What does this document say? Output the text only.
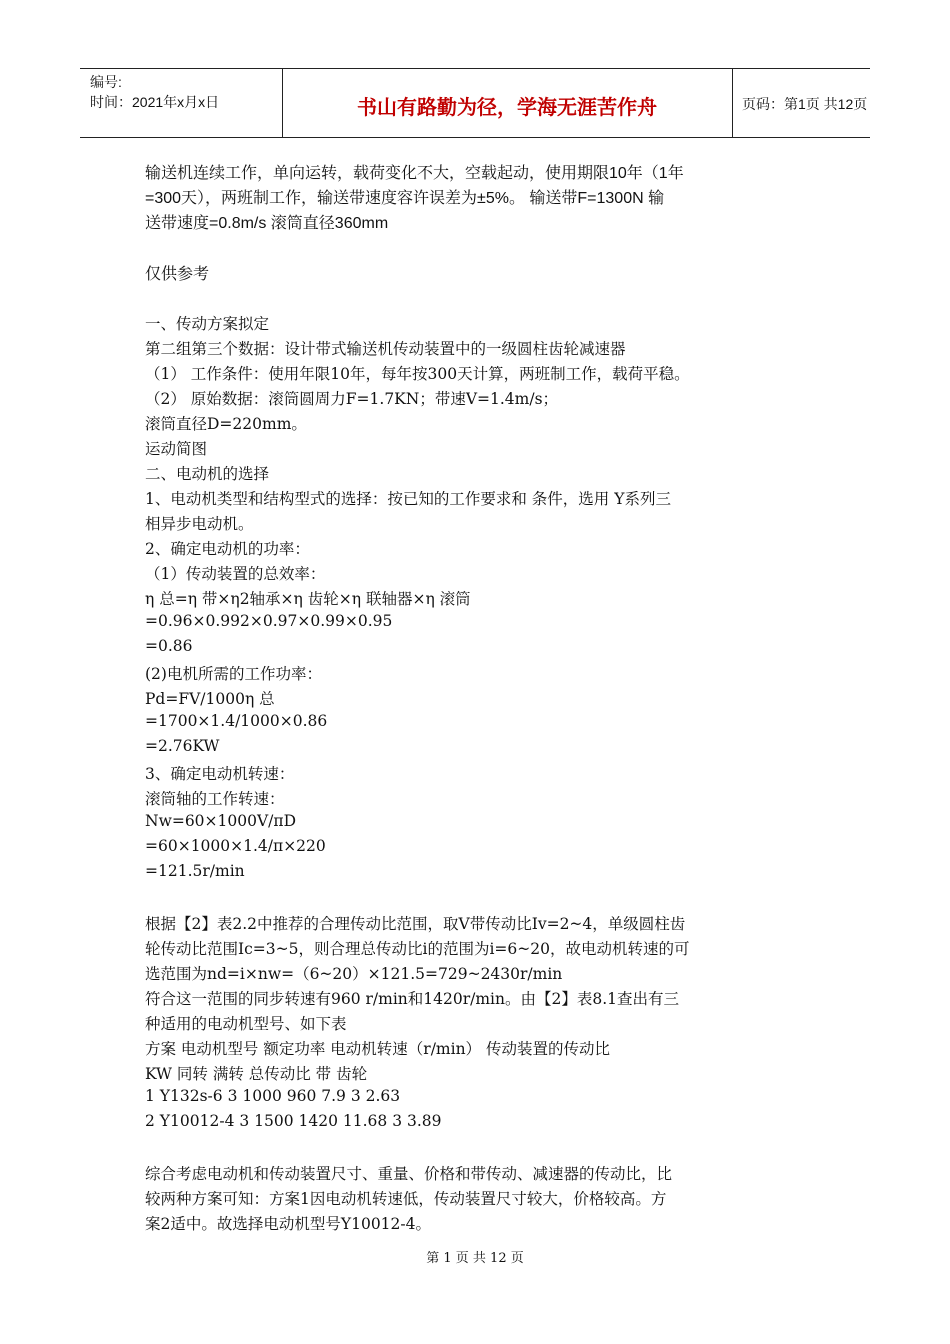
编号:
时间：2021年x月x日	书山有路勤为径，学海无涯苦作舟	页码：第1页 共12页
输送机连续工作，单向运转，载荷变化不大，空载起动，使用期限10年（1年
=300天），两班制工作，输送带速度容许误差为±5%。 输送带F=1300N 输
送带速度=0.8m/s 滚筒直径360mm
仅供参考
一、传动方案拟定
第二组第三个数据：设计带式输送机传动装置中的一级圆柱齿轮减速器
（1） 工作条件：使用年限10年，每年按300天计算，两班制工作，载荷平稳。
（2） 原始数据：滚筒圆周力F=1.7KN；带速V=1.4m/s；
滚筒直径D=220mm。
运动简图
二、电动机的选择
1、电动机类型和结构型式的选择：按已知的工作要求和 条件，选用 Y系列三
相异步电动机。
2、确定电动机的功率：
（1）传动装置的总效率：
η 总=η 带×η2轴承×η 齿轮×η 联轴器×η 滚筒
=0.96×0.992×0.97×0.99×0.95
=0.86
(2)电机所需的工作功率：
Pd=FV/1000η 总
=1700×1.4/1000×0.86
=2.76KW
3、确定电动机转速：
滚筒轴的工作转速：
Nw=60×1000V/πD
=60×1000×1.4/π×220
=121.5r/min
根据【2】表2.2中推荐的合理传动比范围，取V带传动比Iv=2~4，单级圆柱齿
轮传动比范围Ic=3~5，则合理总传动比i的范围为i=6~20，故电动机转速的可
选范围为nd=i×nw=（6~20）×121.5=729~2430r/min
符合这一范围的同步转速有960 r/min和1420r/min。由【2】表8.1查出有三
种适用的电动机型号、如下表
方案 电动机型号 额定功率 电动机转速（r/min） 传动装置的传动比
KW 同转 满转 总传动比 带 齿轮
1 Y132s-6 3 1000 960 7.9 3 2.63
2 Y10012-4 3 1500 1420 11.68 3 3.89
综合考虑电动机和传动装置尺寸、重量、价格和带传动、减速器的传动比，比
较两种方案可知：方案1因电动机转速低，传动装置尺寸较大，价格较高。方
案2适中。故选择电动机型号Y10012-4。
第 1 页 共 12 页
